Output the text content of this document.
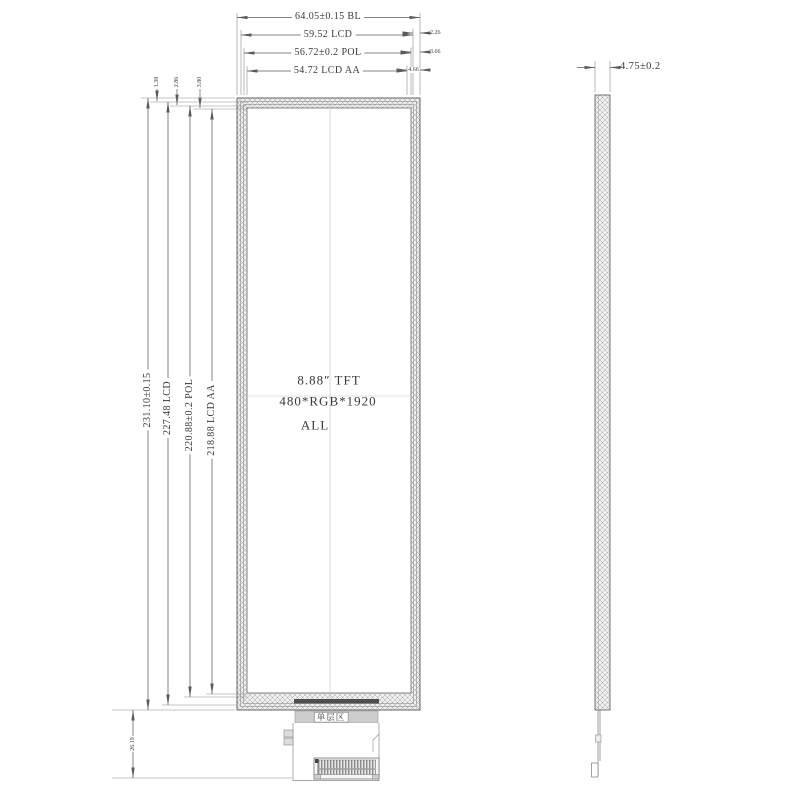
64.05±0.15 BL
59.52 LCD
56.72±0.2 POL
54.72 LCD AA
2.26
3.66
4.66
1.38 2.86	3.80
231.10±0.15 227.48 LCD 220.88±0.2 POL 218.88 LCD AA
26.19
4.75±0.2
8.88″ TFT
480*RGB*1920
ALL
单层区
